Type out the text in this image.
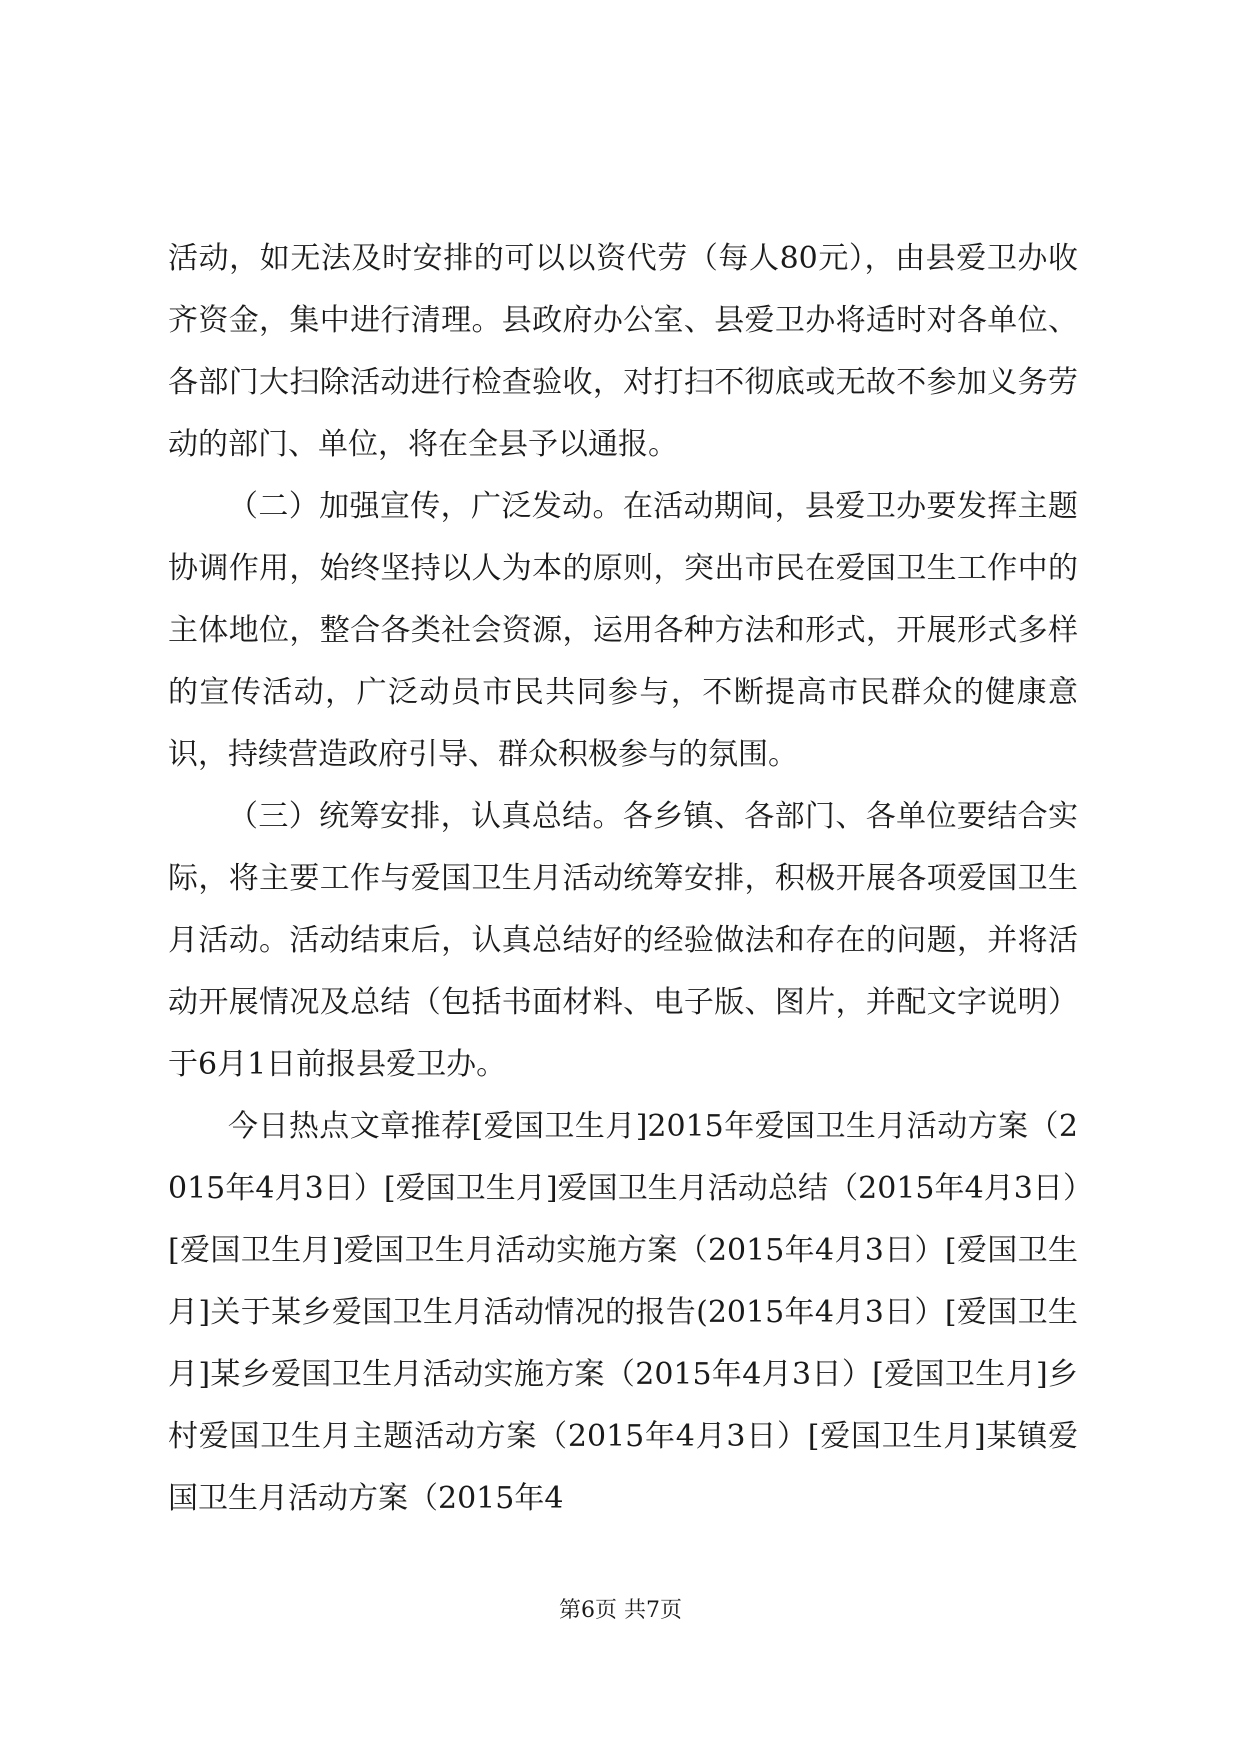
活动，如无法及时安排的可以以资代劳（每人80元），由县爱卫办收齐资金，集中进行清理。县政府办公室、县爱卫办将适时对各单位、各部门大扫除活动进行检查验收，对打扫不彻底或无故不参加义务劳动的部门、单位，将在全县予以通报。

（二）加强宣传，广泛发动。在活动期间，县爱卫办要发挥主题协调作用，始终坚持以人为本的原则，突出市民在爱国卫生工作中的主体地位，整合各类社会资源，运用各种方法和形式，开展形式多样的宣传活动，广泛动员市民共同参与，不断提高市民群众的健康意识，持续营造政府引导、群众积极参与的氛围。

（三）统筹安排，认真总结。各乡镇、各部门、各单位要结合实际，将主要工作与爱国卫生月活动统筹安排，积极开展各项爱国卫生月活动。活动结束后，认真总结好的经验做法和存在的问题，并将活动开展情况及总结（包括书面材料、电子版、图片，并配文字说明）于6月1日前报县爱卫办。

今日热点文章推荐[爱国卫生月]2015年爱国卫生月活动方案（2015年4月3日）[爱国卫生月]爱国卫生月活动总结（2015年4月3日）[爱国卫生月]爱国卫生月活动实施方案（2015年4月3日）[爱国卫生月]关于某乡爱国卫生月活动情况的报告(2015年4月3日）[爱国卫生月]某乡爱国卫生月活动实施方案（2015年4月3日）[爱国卫生月]乡村爱国卫生月主题活动方案（2015年4月3日）[爱国卫生月]某镇爱国卫生月活动方案（2015年4

第6页 共7页
